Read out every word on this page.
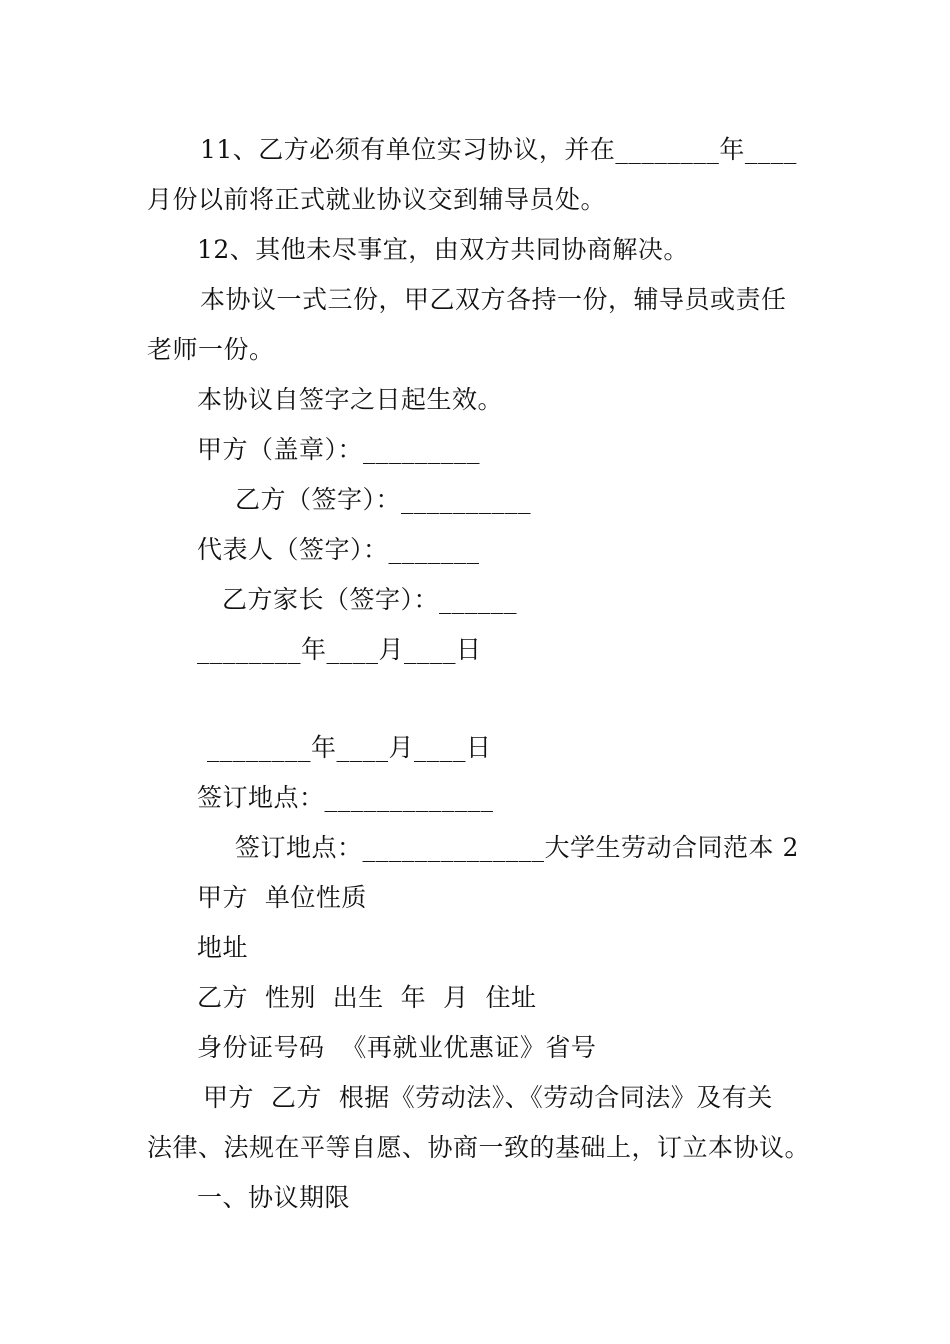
11、乙方必须有单位实习协议，并在________年____
月份以前将正式就业协议交到辅导员处。
12、其他未尽事宜，由双方共同协商解决。
本协议一式三份，甲乙双方各持一份，辅导员或责任
老师一份。
本协议自签字之日起生效。
甲方（盖章）：_________
乙方（签字）：__________
代表人（签字）：_______
乙方家长（签字）：______
________年____月____日
________年____月____日
签订地点：_____________
签订地点：______________大学生劳动合同范本 2
甲方  单位性质
地址
乙方  性别  出生  年  月  住址
身份证号码  《再就业优惠证》省号
甲方  乙方  根据《劳动法》、《劳动合同法》及有关
法律、法规在平等自愿、协商一致的基础上，订立本协议。
一、协议期限
